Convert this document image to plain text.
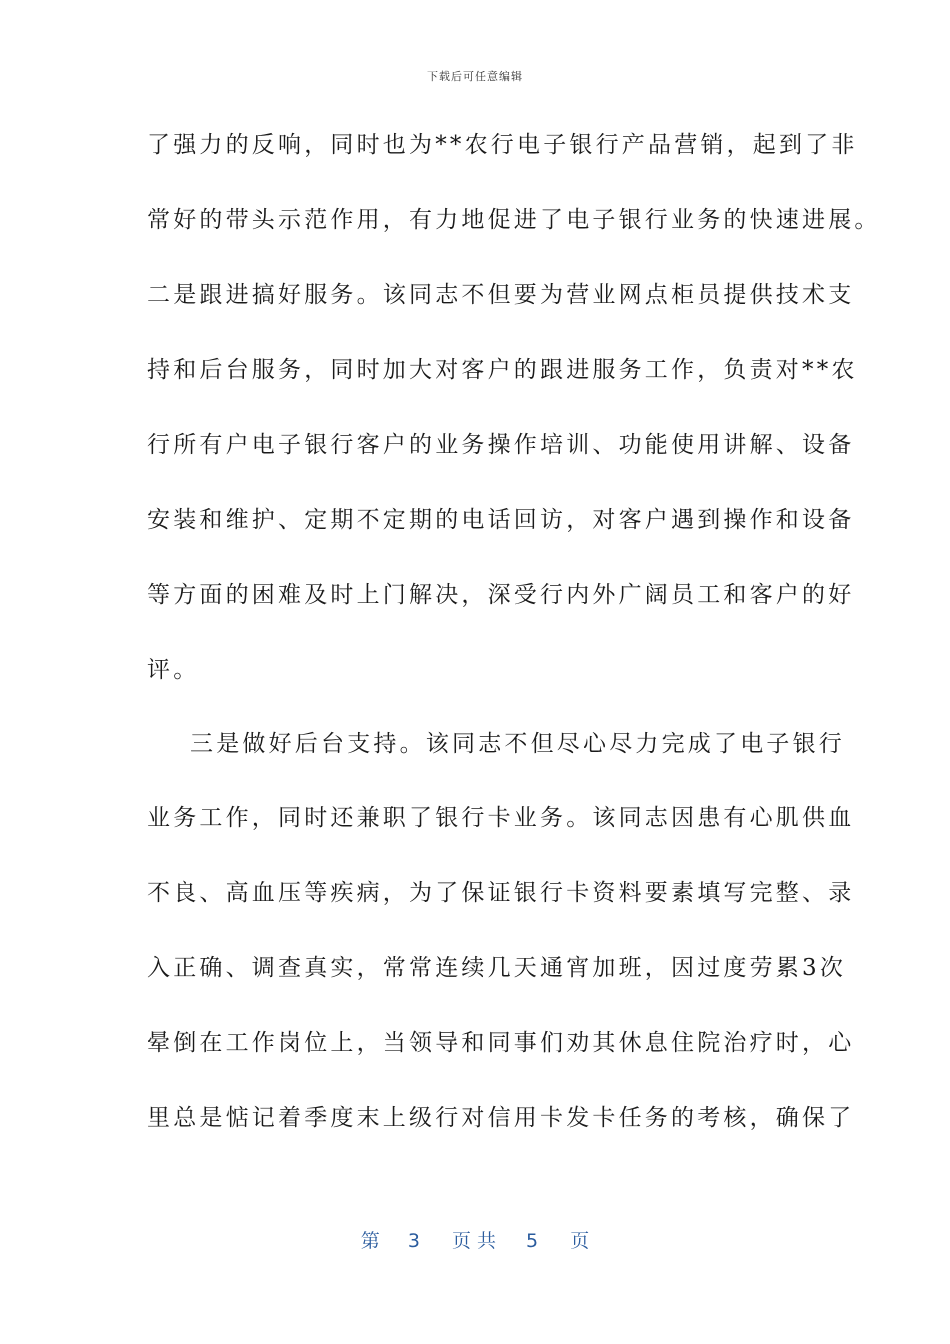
下载后可任意编辑
了强力的反响，同时也为**农行电子银行产品营销，起到了非
常好的带头示范作用，有力地促进了电子银行业务的快速进展。
二是跟进搞好服务。该同志不但要为营业网点柜员提供技术支
持和后台服务，同时加大对客户的跟进服务工作，负责对**农
行所有户电子银行客户的业务操作培训、功能使用讲解、设备
安装和维护、定期不定期的电话回访，对客户遇到操作和设备
等方面的困难及时上门解决，深受行内外广阔员工和客户的好
评。
三是做好后台支持。该同志不但尽心尽力完成了电子银行
业务工作，同时还兼职了银行卡业务。该同志因患有心肌供血
不良、高血压等疾病，为了保证银行卡资料要素填写完整、录
入正确、调查真实，常常连续几天通宵加班，因过度劳累3次
晕倒在工作岗位上，当领导和同事们劝其休息住院治疗时，心
里总是惦记着季度末上级行对信用卡发卡任务的考核，确保了
第 3 页共 5 页
